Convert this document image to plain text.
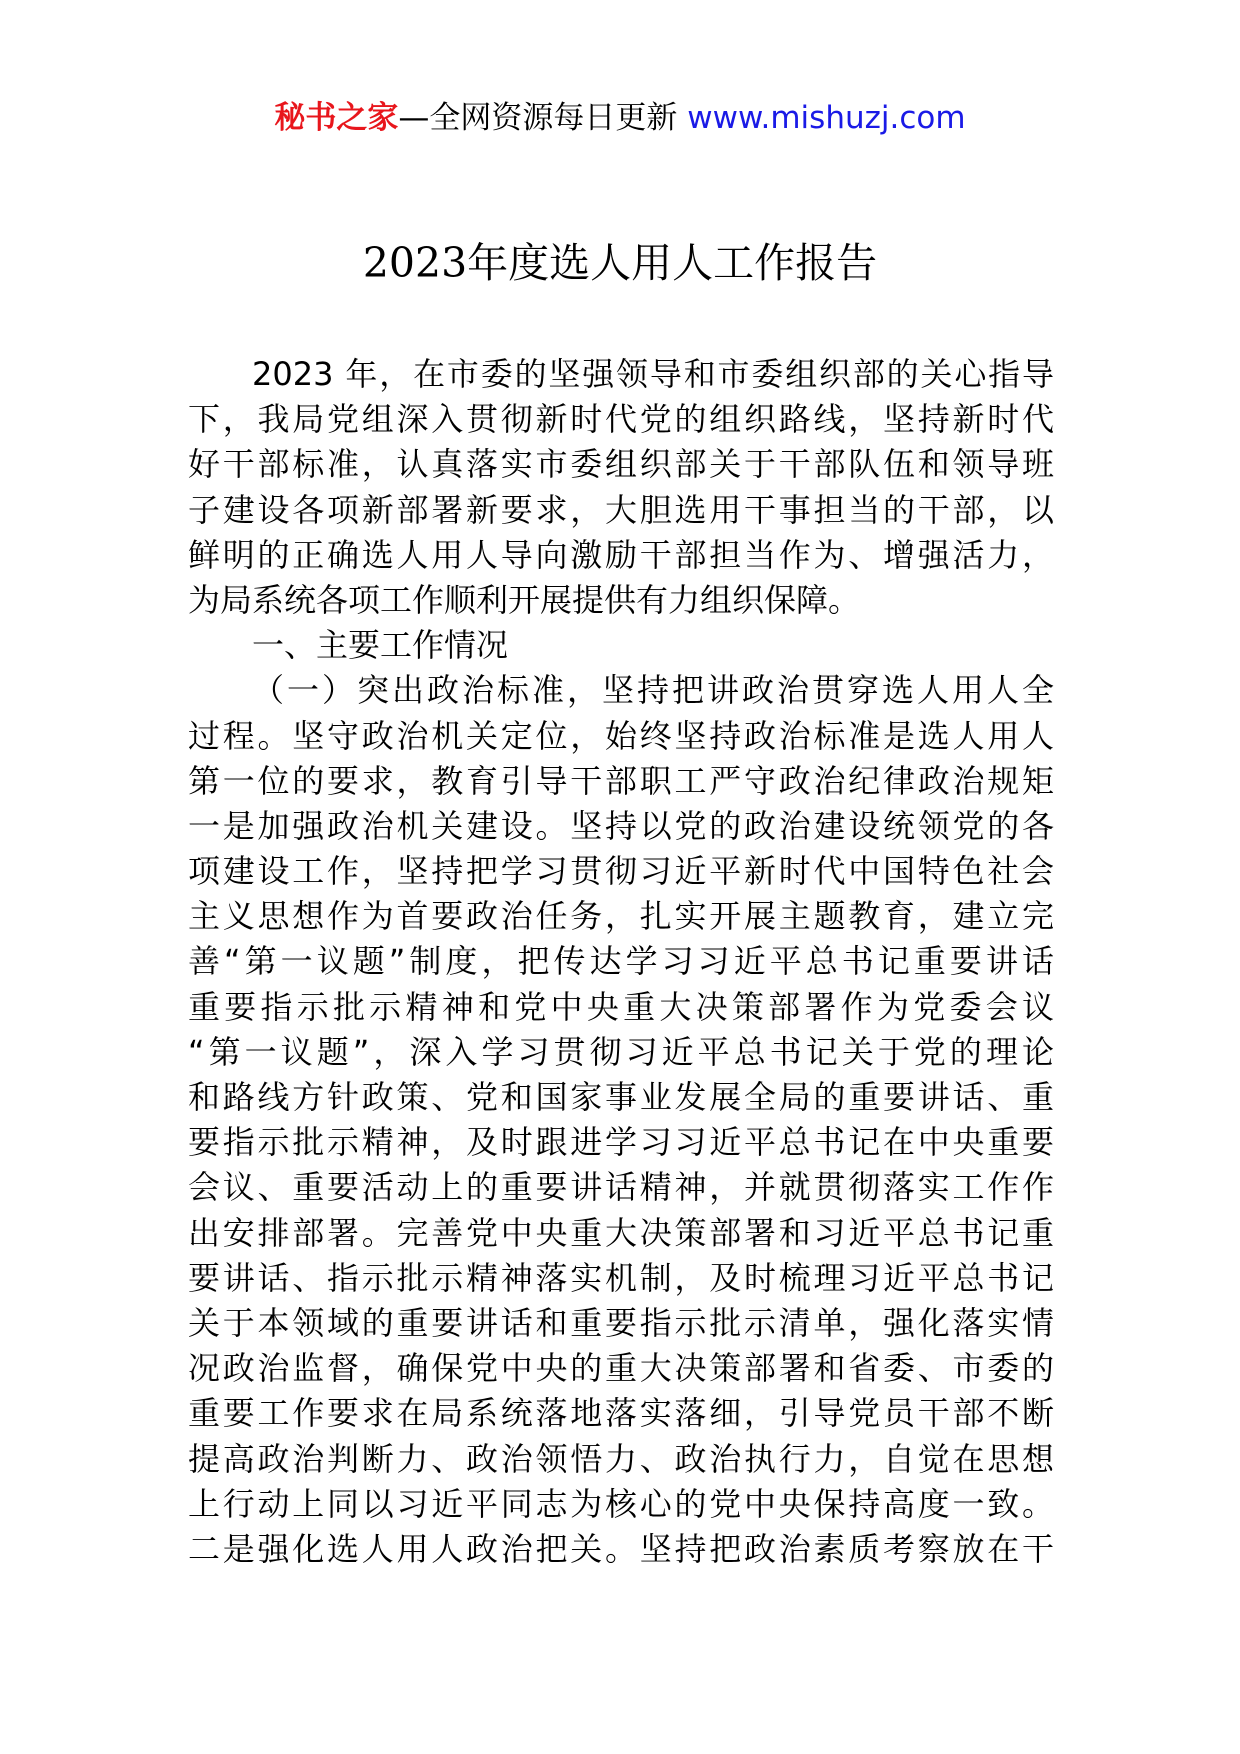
秘书之家—全网资源每日更新 www.mishuzj.com
2023年度选人用人工作报告
2023 年，在市委的坚强领导和市委组织部的关心指导
下，我局党组深入贯彻新时代党的组织路线，坚持新时代
好干部标准，认真落实市委组织部关于干部队伍和领导班
子建设各项新部署新要求，大胆选用干事担当的干部，以
鲜明的正确选人用人导向激励干部担当作为、增强活力，
为局系统各项工作顺利开展提供有力组织保障。
一、主要工作情况
（一）突出政治标准，坚持把讲政治贯穿选人用人全
过程。坚守政治机关定位，始终坚持政治标准是选人用人
第一位的要求，教育引导干部职工严守政治纪律政治规矩
一是加强政治机关建设。坚持以党的政治建设统领党的各
项建设工作，坚持把学习贯彻习近平新时代中国特色社会
主义思想作为首要政治任务，扎实开展主题教育，建立完
善“第一议题”制度，把传达学习习近平总书记重要讲话
重要指示批示精神和党中央重大决策部署作为党委会议
“第一议题”，深入学习贯彻习近平总书记关于党的理论
和路线方针政策、党和国家事业发展全局的重要讲话、重
要指示批示精神，及时跟进学习习近平总书记在中央重要
会议、重要活动上的重要讲话精神，并就贯彻落实工作作
出安排部署。完善党中央重大决策部署和习近平总书记重
要讲话、指示批示精神落实机制，及时梳理习近平总书记
关于本领域的重要讲话和重要指示批示清单，强化落实情
况政治监督，确保党中央的重大决策部署和省委、市委的
重要工作要求在局系统落地落实落细，引导党员干部不断
提高政治判断力、政治领悟力、政治执行力，自觉在思想
上行动上同以习近平同志为核心的党中央保持高度一致。
二是强化选人用人政治把关。坚持把政治素质考察放在干
